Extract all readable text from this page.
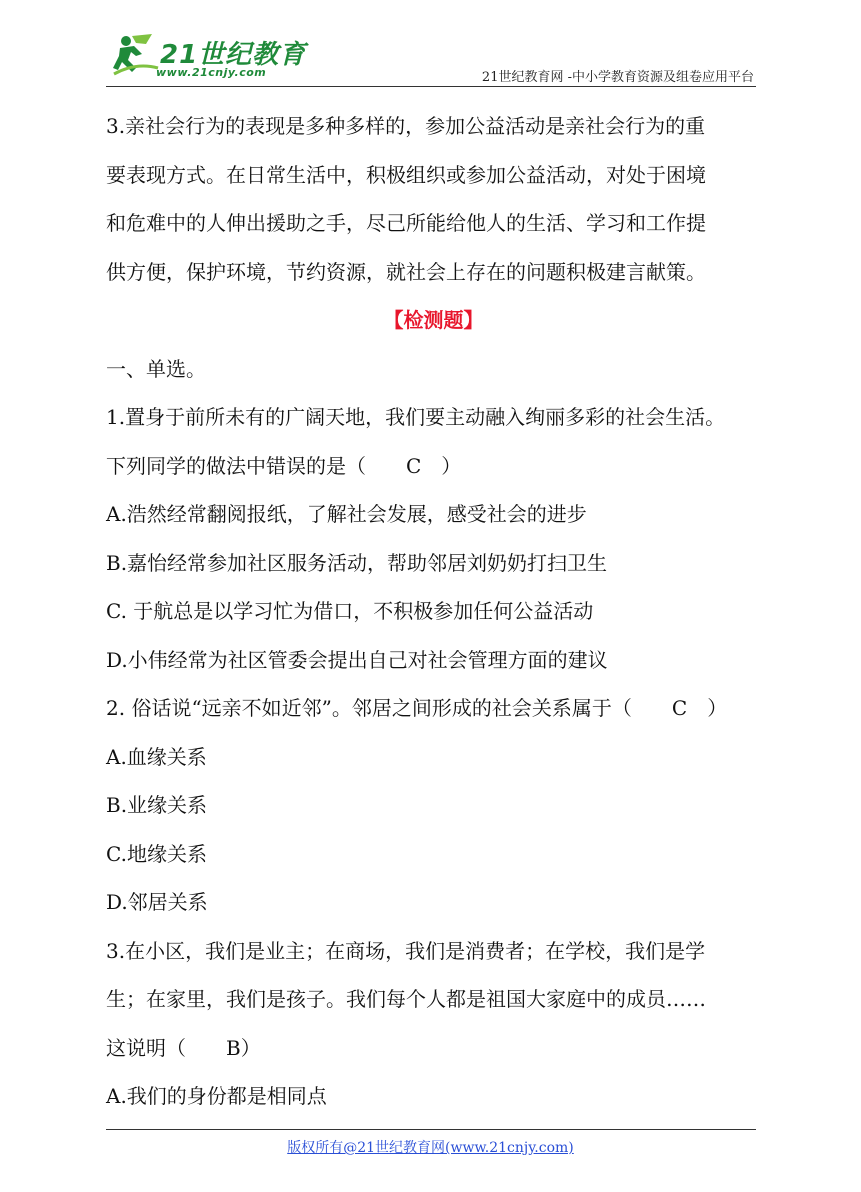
21世纪教育
www.21cnjy.com	21世纪教育网 -中小学教育资源及组卷应用平台

3.亲社会行为的表现是多种多样的，参加公益活动是亲社会行为的重
要表现方式。在日常生活中，积极组织或参加公益活动，对处于困境
和危难中的人伸出援助之手，尽己所能给他人的生活、学习和工作提
供方便，保护环境，节约资源，就社会上存在的问题积极建言献策。

【检测题】

一、单选。

1.置身于前所未有的广阔天地，我们要主动融入绚丽多彩的社会生活。
下列同学的做法中错误的是（　　C　）
A.浩然经常翻阅报纸，了解社会发展，感受社会的进步
B.嘉怡经常参加社区服务活动，帮助邻居刘奶奶打扫卫生
C. 于航总是以学习忙为借口，不积极参加任何公益活动
D.小伟经常为社区管委会提出自己对社会管理方面的建议
2. 俗话说“远亲不如近邻”。邻居之间形成的社会关系属于（　　C　）
A.血缘关系
B.业缘关系
C.地缘关系
D.邻居关系
3.在小区，我们是业主；在商场，我们是消费者；在学校，我们是学
生；在家里，我们是孩子。我们每个人都是祖国大家庭中的成员……
这说明（　　B）
A.我们的身份都是相同点
版权所有@21世纪教育网(www.21cnjy.com)
